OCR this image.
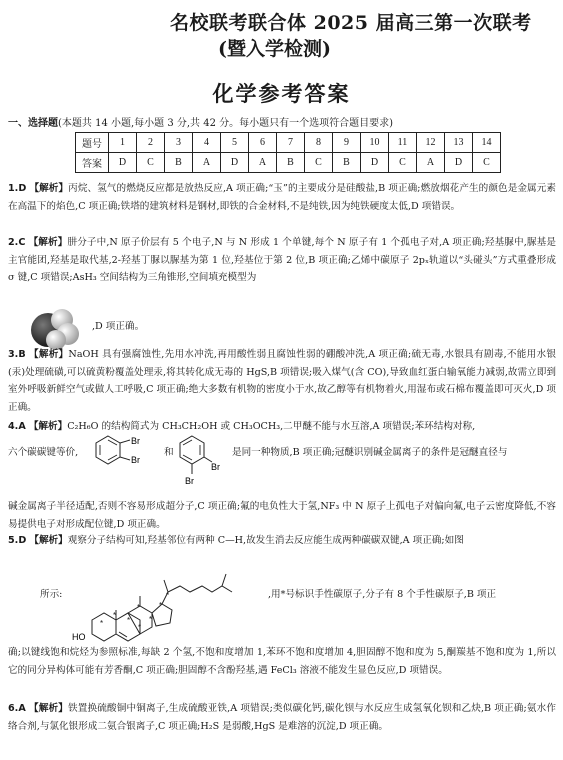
名校联考联合体 2025 届高三第一次联考
(暨入学检测)
化学参考答案
一、选择题(本题共 14 小题,每小题 3 分,共 42 分。每小题只有一个选项符合题目要求)
题号	1	2	3	4	5	6	7	8	9	10	11	12	13	14
答案	D	C	B	A	D	A	B	C	B	D	C	A	D	C
1.D 【解析】丙烷、氢气的燃烧反应都是放热反应,A 项正确;“玉”的主要成分是硅酸盐,B 项正确;燃放烟花产生的颜色是金属元素在高温下的焰色,C 项正确;铁塔的建筑材料是钢材,即铁的合金材料,不是纯铁,因为纯铁硬度太低,D 项错误。
2.C 【解析】肼分子中,N 原子价层有 5 个电子,N 与 N 形成 1 个单键,每个 N 原子有 1 个孤电子对,A 项正确;羟基脲中,脲基是主官能团,羟基是取代基,2-羟基丁脲以脲基为第 1 位,羟基位于第 2 位,B 项正确;乙烯中碳原子 2pₓ轨道以“头碰头”方式重叠形成 σ 键,C 项错误;AsH₃ 空间结构为三角锥形,空间填充模型为
,D 项正确。
3.B 【解析】NaOH 具有强腐蚀性,先用水冲洗,再用酸性弱且腐蚀性弱的硼酸冲洗,A 项正确;硫无毒,水银具有剧毒,不能用水银(汞)处理硫磺,可以硫黄粉覆盖处理汞,将其转化成无毒的 HgS,B 项错误;吸入煤气(含 CO),导致血红蛋白输氧能力减弱,故需立即到室外呼吸新鲜空气或做人工呼吸,C 项正确;绝大多数有机物的密度小于水,故乙醇等有机物着火,用湿布或石棉布覆盖即可灭火,D 项正确。
4.A 【解析】C₂H₆O 的结构简式为 CH₃CH₂OH 或 CH₃OCH₃,二甲醚不能与水互溶,A 项错误;苯环结构对称,
六个碳碳键等价,
Br
Br
和
Br
Br
是同一种物质,B 项正确;冠醚识别碱金属离子的条件是冠醚直径与
碱金属离子半径适配,否则不容易形成超分子,C 项正确;氟的电负性大于氢,NF₃ 中 N 原子上孤电子对偏向氟,电子云密度降低,不容易提供电子对形成配位键,D 项正确。
5.D 【解析】观察分子结构可知,羟基邻位有两种 C—H,故发生消去反应能生成两种碳碳双键,A 项正确;如图
所示:
*
*
* *
*
*
*
*
HO
,用*号标识手性碳原子,分子有 8 个手性碳原子,B 项正
确;以键线饱和烷烃为参照标准,每缺 2 个氢,不饱和度增加 1,苯环不饱和度增加 4,胆固醇不饱和度为 5,酮羰基不饱和度为 1,所以它的同分异构体可能有芳香酮,C 项正确;胆固醇不含酚羟基,遇 FeCl₃ 溶液不能发生显色反应,D 项错误。
6.A 【解析】铁置换硫酸铜中铜离子,生成硫酸亚铁,A 项错误;类似碳化钙,碳化钡与水反应生成氢氧化钡和乙炔,B 项正确;氨水作络合剂,与氯化银形成二氨合银离子,C 项正确;H₂S 是弱酸,HgS 是难溶的沉淀,D 项正确。
